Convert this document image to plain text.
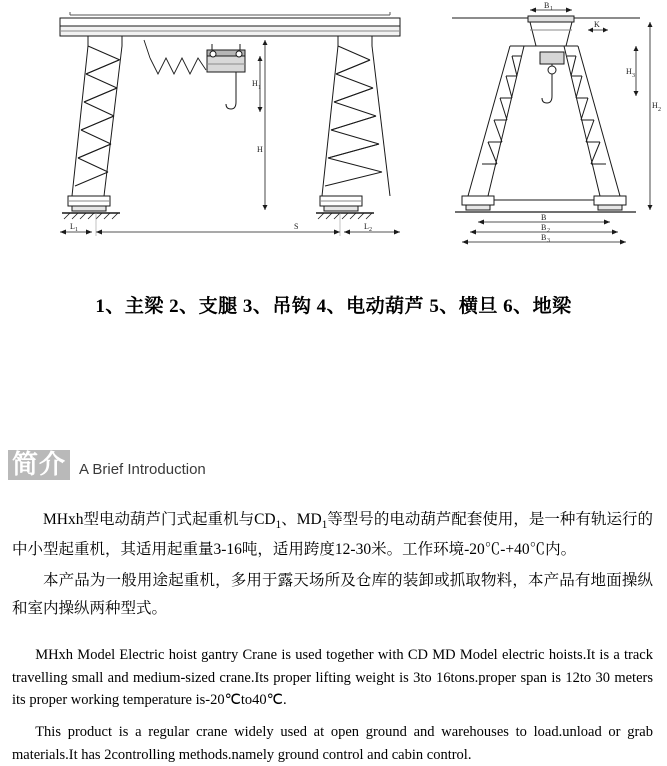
H 1
H
S
L 1	L 2
B 1
H 2
H 3
K
B
B 2
B 3
1、主梁 2、支腿 3、吊钩 4、电动葫芦 5、横旦 6、地梁
简介 A Brief Introduction

MHxh型电动葫芦门式起重机与$CD_1$、$MD_1$等型号的电动葫芦配套使用，是一种有轨运行的中小型起重机，其适用起重量3-16吨，适用跨度12-30米。工作环境-20℃-+40℃内。

本产品为一般用途起重机，多用于露天场所及仓库的装卸或抓取物料，本产品有地面操纵和室内操纵两种型式。

MHxh Model Electric hoist gantry Crane is used together with CD MD Model electric hoists.It is a track travelling small and medium-sized crane.Its proper lifting weight is 3to 16tons.proper span is 12to 30 meters its proper working temperature is-20℃to40℃.

This product is a regular crane widely used at open ground and warehouses to load.unload or grab materials.It has 2controlling methods.namely ground control and cabin control.
